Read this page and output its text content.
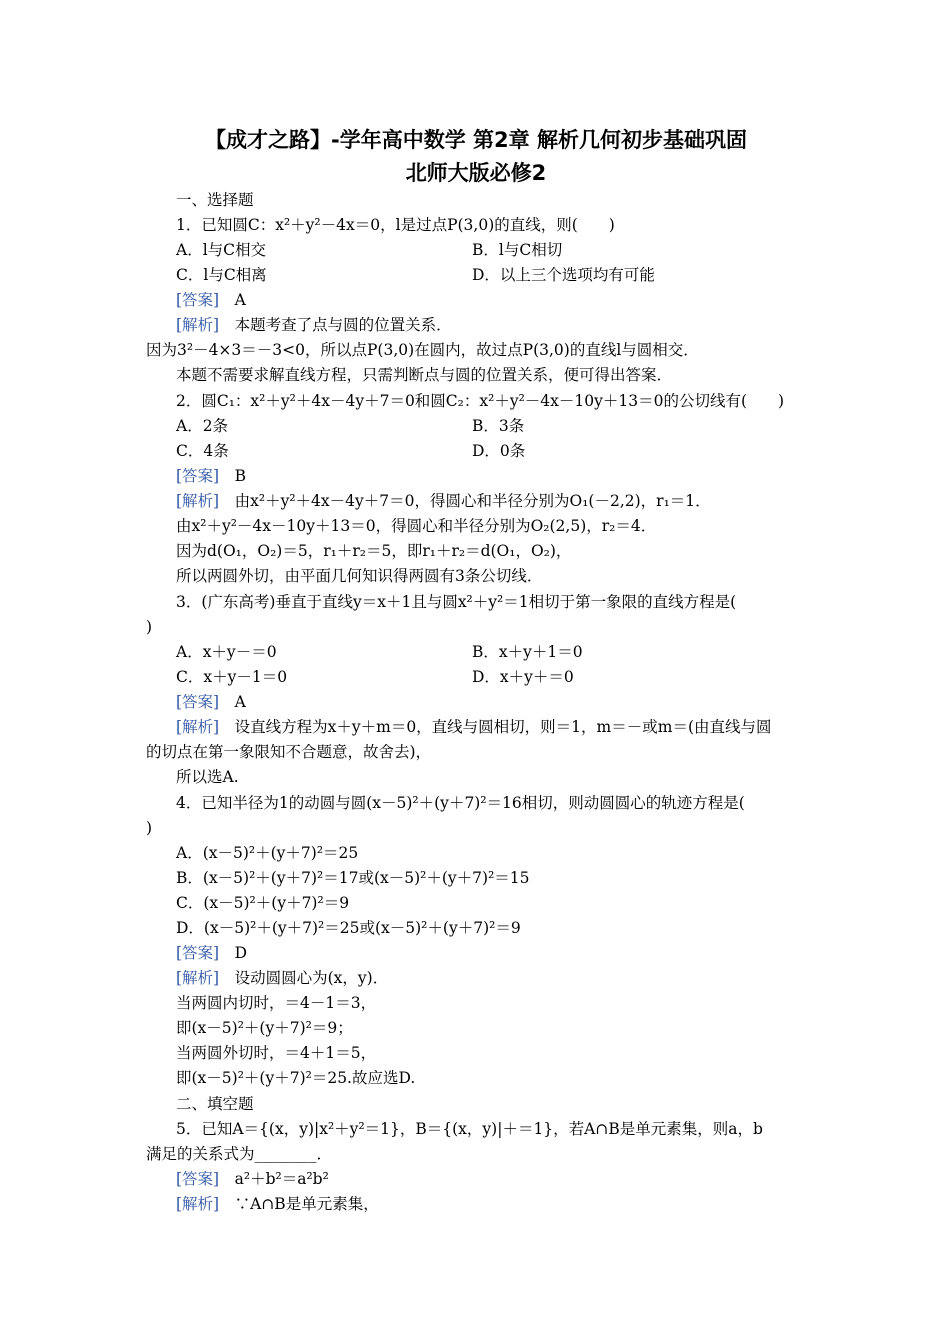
【成才之路】-学年高中数学 第2章 解析几何初步基础巩固
北师大版必修2
一、选择题
1．已知圆C：x²＋y²－4x＝0，l是过点P(3,0)的直线，则(　　)
A．l与C相交	B．l与C相切
C．l与C相离	D．以上三个选项均有可能
[答案]　 A
[解析]　 本题考查了点与圆的位置关系．
因为3²－4×3＝－3<0，所以点P(3,0)在圆内，故过点P(3,0)的直线l与圆相交．
本题不需要求解直线方程，只需判断点与圆的位置关系，便可得出答案．
2．圆C₁：x²＋y²＋4x－4y＋7＝0和圆C₂：x²＋y²－4x－10y＋13＝0的公切线有(　　)
A．2条	B．3条
C．4条	D．0条
[答案]　 B
[解析]　 由x²＋y²＋4x－4y＋7＝0，得圆心和半径分别为O₁(－2,2)，r₁＝1．
由x²＋y²－4x－10y＋13＝0，得圆心和半径分别为O₂(2,5)，r₂＝4．
因为d(O₁，O₂)＝5，r₁＋r₂＝5，即r₁＋r₂＝d(O₁，O₂)，
所以两圆外切，由平面几何知识得两圆有3条公切线．
3．(广东高考)垂直于直线y＝x＋1且与圆x²＋y²＝1相切于第一象限的直线方程是(
)
A．x＋y－＝0	B．x＋y＋1＝0
C．x＋y－1＝0	D．x＋y＋＝0
[答案]　 A
[解析]　 设直线方程为x＋y＋m＝0，直线与圆相切，则＝1，m＝－或m＝(由直线与圆
的切点在第一象限知不合题意，故舍去)，
所以选A.
4．已知半径为1的动圆与圆(x－5)²＋(y＋7)²＝16相切，则动圆圆心的轨迹方程是(
)
A．(x－5)²＋(y＋7)²＝25
B．(x－5)²＋(y＋7)²＝17或(x－5)²＋(y＋7)²＝15
C．(x－5)²＋(y＋7)²＝9
D．(x－5)²＋(y＋7)²＝25或(x－5)²＋(y＋7)²＝9
[答案]　 D
[解析]　 设动圆圆心为(x，y)．
当两圆内切时，＝4－1＝3，
即(x－5)²＋(y＋7)²＝9；
当两圆外切时，＝4＋1＝5，
即(x－5)²＋(y＋7)²＝25.故应选D.
二、填空题
5．已知A＝{(x，y)|x²＋y²＝1}，B＝{(x，y)|＋＝1}，若A∩B是单元素集，则a，b
满足的关系式为________．
[答案]　 a²＋b²＝a²b²
[解析]　 ∵A∩B是单元素集，
